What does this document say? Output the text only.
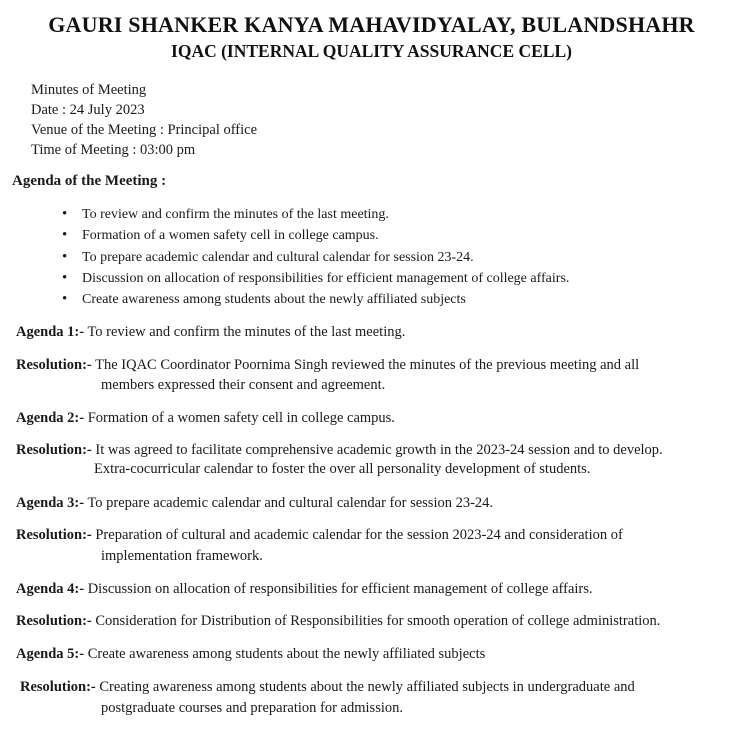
GAURI SHANKER KANYA MAHAVIDYALAY, BULANDSHAHR
IQAC (INTERNAL QUALITY ASSURANCE CELL)
Minutes of Meeting
Date : 24 July 2023
Venue of the Meeting : Principal office
Time of Meeting : 03:00 pm
Agenda of the Meeting :
• To review and confirm the minutes of the last meeting.
• Formation of a women safety cell in college campus.
• To prepare academic calendar and cultural calendar for session 23-24.
• Discussion on allocation of responsibilities for efficient management of college affairs.
• Create awareness among students about the newly affiliated subjects
Agenda 1:- To review and confirm the minutes of the last meeting.
Resolution:- The IQAC Coordinator Poornima Singh reviewed the minutes of the previous meeting and all
members expressed their consent and agreement.
Agenda 2:- Formation of a women safety cell in college campus.
Resolution:- It was agreed to facilitate comprehensive academic growth in the 2023-24 session and to develop.
Extra-cocurricular calendar to foster the over all personality development of students.
Agenda 3:- To prepare academic calendar and cultural calendar for session 23-24.
Resolution:- Preparation of cultural and academic calendar for the session 2023-24 and consideration of
implementation framework.
Agenda 4:- Discussion on allocation of responsibilities for efficient management of college affairs.
Resolution:- Consideration for Distribution of Responsibilities for smooth operation of college administration.
Agenda 5:- Create awareness among students about the newly affiliated subjects
Resolution:- Creating awareness among students about the newly affiliated subjects in undergraduate and
postgraduate courses and preparation for admission.
